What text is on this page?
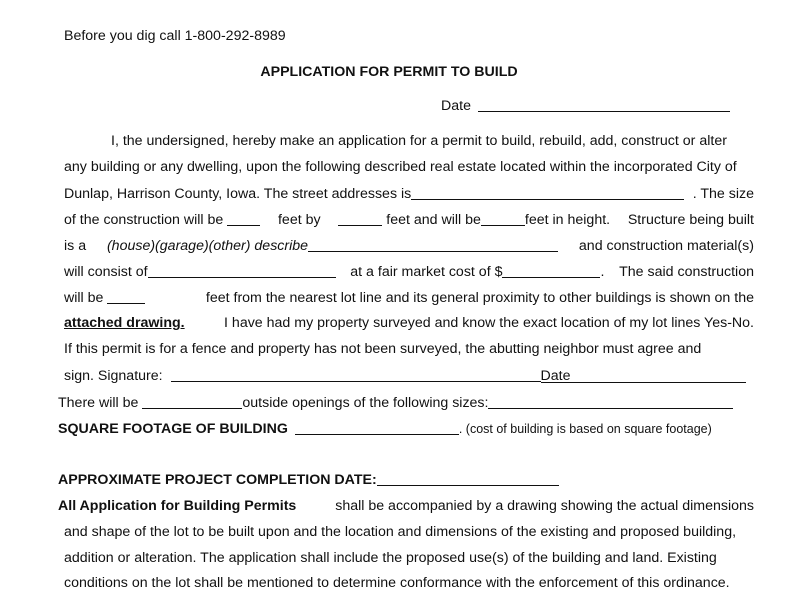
Before you dig call 1-800-292-8989
APPLICATION FOR PERMIT TO BUILD
Date
I, the undersigned, hereby make an application for a permit to build, rebuild, add, construct or alter
any building or any dwelling, upon the following described real estate located within the incorporated City of
Dunlap, Harrison County, Iowa. The street addresses is	. The size
of the construction will be	feet by	feet and will be	feet in height. Structure being built
is a (house)(garage)(other) describe	and construction material(s)
will consist of	at a fair market cost of $	. The said construction
will be	feet from the nearest lot line and its general proximity to other buildings is shown on the
attached drawing.	I have had my property surveyed and know the exact location of my lot lines Yes-No.
If this permit is for a fence and property has not been surveyed, the abutting neighbor must agree and
sign. Signature:	Date
There will be	outside openings of the following sizes:
SQUARE FOOTAGE OF BUILDING	. (cost of building is based on square footage)
APPROXIMATE PROJECT COMPLETION DATE:
All Application for Building Permits	shall be accompanied by a drawing showing the actual dimensions
and shape of the lot to be built upon and the location and dimensions of the existing and proposed building,
addition or alteration. The application shall include the proposed use(s) of the building and land. Existing
conditions on the lot shall be mentioned to determine conformance with the enforcement of this ordinance.
